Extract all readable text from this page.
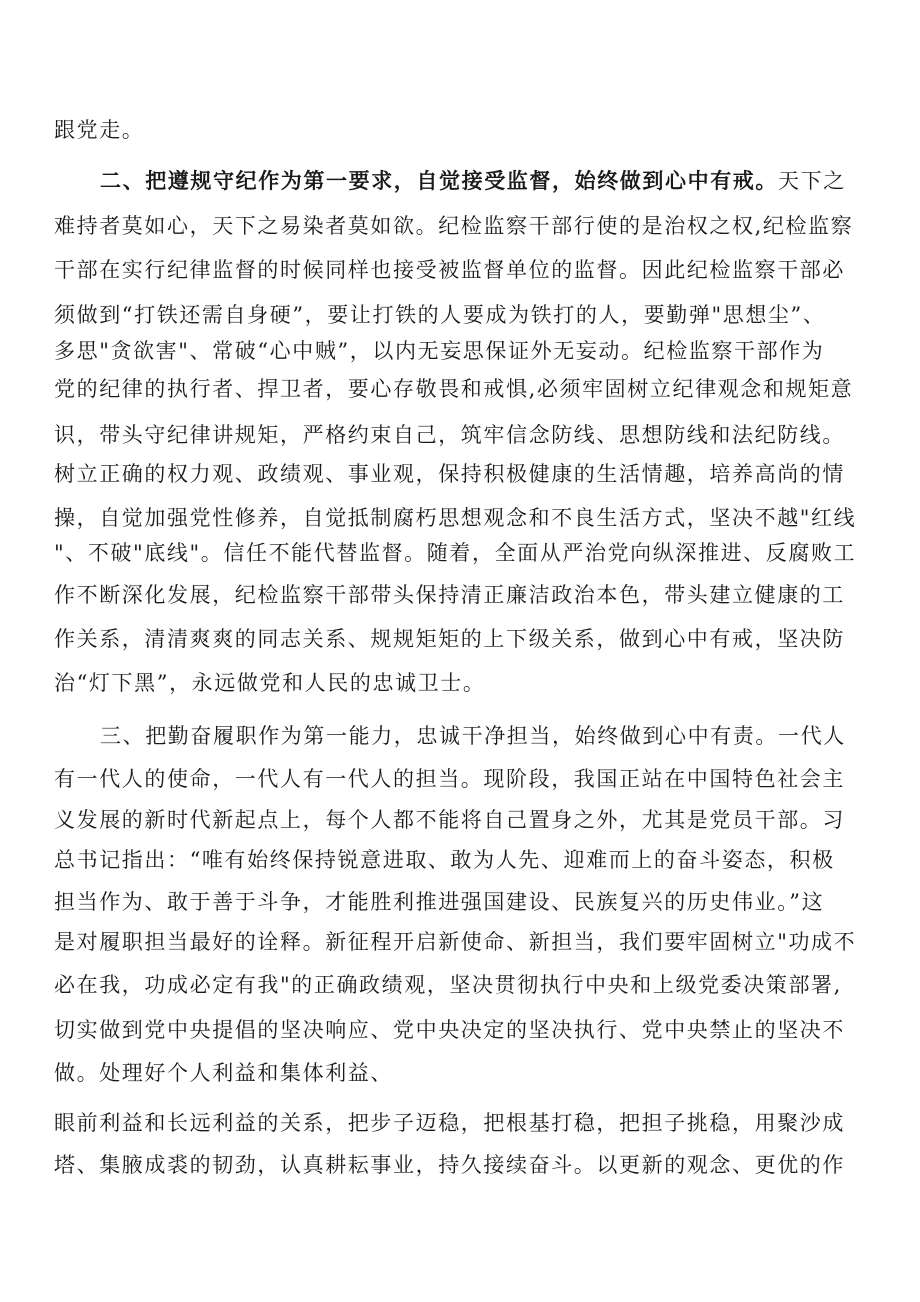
跟党走。
二、把遵规守纪作为第一要求，自觉接受监督，始终做到心中有戒。天下之
难持者莫如心，天下之易染者莫如欲。纪检监察干部行使的是治权之权,纪检监察
干部在实行纪律监督的时候同样也接受被监督单位的监督。因此纪检监察干部必
须做到“打铁还需自身硬”，要让打铁的人要成为铁打的人，要勤弹"思想尘”、
多思"贪欲害"、常破“心中贼”，以内无妄思保证外无妄动。纪检监察干部作为
党的纪律的执行者、捍卫者，要心存敬畏和戒惧,必须牢固树立纪律观念和规矩意
识，带头守纪律讲规矩，严格约束自己，筑牢信念防线、思想防线和法纪防线。
树立正确的权力观、政绩观、事业观，保持积极健康的生活情趣，培养高尚的情
操，自觉加强党性修养，自觉抵制腐朽思想观念和不良生活方式，坚决不越"红线
"、不破"底线"。信任不能代替监督。随着，全面从严治党向纵深推进、反腐败工
作不断深化发展，纪检监察干部带头保持清正廉洁政治本色，带头建立健康的工
作关系，清清爽爽的同志关系、规规矩矩的上下级关系，做到心中有戒，坚决防
治“灯下黑”，永远做党和人民的忠诚卫士。
三、把勤奋履职作为第一能力，忠诚干净担当，始终做到心中有责。一代人
有一代人的使命，一代人有一代人的担当。现阶段，我国正站在中国特色社会主
义发展的新时代新起点上，每个人都不能将自己置身之外，尤其是党员干部。习
总书记指出：“唯有始终保持锐意进取、敢为人先、迎难而上的奋斗姿态，积极
担当作为、敢于善于斗争，才能胜利推进强国建设、民族复兴的历史伟业。”这
是对履职担当最好的诠释。新征程开启新使命、新担当，我们要牢固树立"功成不
必在我，功成必定有我"的正确政绩观，坚决贯彻执行中央和上级党委决策部署,
切实做到党中央提倡的坚决响应、党中央决定的坚决执行、党中央禁止的坚决不
做。处理好个人利益和集体利益、
眼前利益和长远利益的关系，把步子迈稳，把根基打稳，把担子挑稳，用聚沙成
塔、集腋成裘的韧劲，认真耕耘事业，持久接续奋斗。以更新的观念、更优的作
